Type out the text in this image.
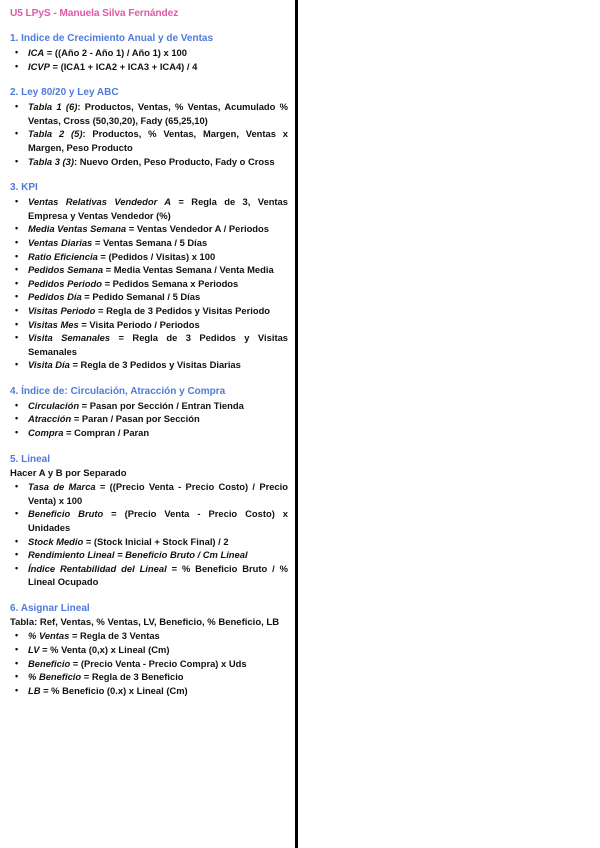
U5 LPyS - Manuela Silva Fernández
1. Indice de Crecimiento Anual y de Ventas
• ICA = ((Año 2 - Año 1) / Año 1) x 100
• ICVP = (ICA1 + ICA2 + ICA3 + ICA4) / 4
2. Ley 80/20 y Ley ABC
• Tabla 1 (6): Productos, Ventas, % Ventas, Acumulado % Ventas, Cross (50,30,20), Fady (65,25,10)
• Tabla 2 (5): Productos, % Ventas, Margen, Ventas x Margen, Peso Producto
• Tabla 3 (3): Nuevo Orden, Peso Producto, Fady o Cross
3. KPI
• Ventas Relativas Vendedor A = Regla de 3, Ventas Empresa y Ventas Vendedor (%)
• Media Ventas Semana = Ventas Vendedor A / Periodos
• Ventas Diarias = Ventas Semana / 5 Días
• Ratio Eficiencia = (Pedidos / Visitas) x 100
• Pedidos Semana = Media Ventas Semana / Venta Media
• Pedidos Periodo = Pedidos Semana x Periodos
• Pedidos Día = Pedido Semanal / 5 Días
• Visitas Periodo = Regla de 3 Pedidos y Visitas Periodo
• Visitas Mes = Visita Periodo / Periodos
• Visita Semanales = Regla de 3 Pedidos y Visitas Semanales
• Visita Día = Regla de 3 Pedidos y Visitas Diarias
4. Índice de: Circulación, Atracción y Compra
• Circulación = Pasan por Sección / Entran Tienda
• Atracción = Paran / Pasan por Sección
• Compra = Compran / Paran
5. Lineal
Hacer A y B por Separado
• Tasa de Marca = ((Precio Venta - Precio Costo) / Precio Venta) x 100
• Beneficio Bruto = (Precio Venta - Precio Costo) x Unidades
• Stock Medio = (Stock Inicial + Stock Final) / 2
• Rendimiento Lineal = Beneficio Bruto / Cm Lineal
• Índice Rentabilidad del Lineal = % Beneficio Bruto / % Lineal Ocupado
6. Asignar Lineal
Tabla: Ref, Ventas, % Ventas, LV, Beneficio, % Beneficio, LB
• % Ventas = Regla de 3 Ventas
• LV = % Venta (0,x) x Lineal (Cm)
• Beneficio = (Precio Venta - Precio Compra) x Uds
• % Beneficio = Regla de 3 Beneficio
• LB = % Beneficio (0.x) x Lineal (Cm)
